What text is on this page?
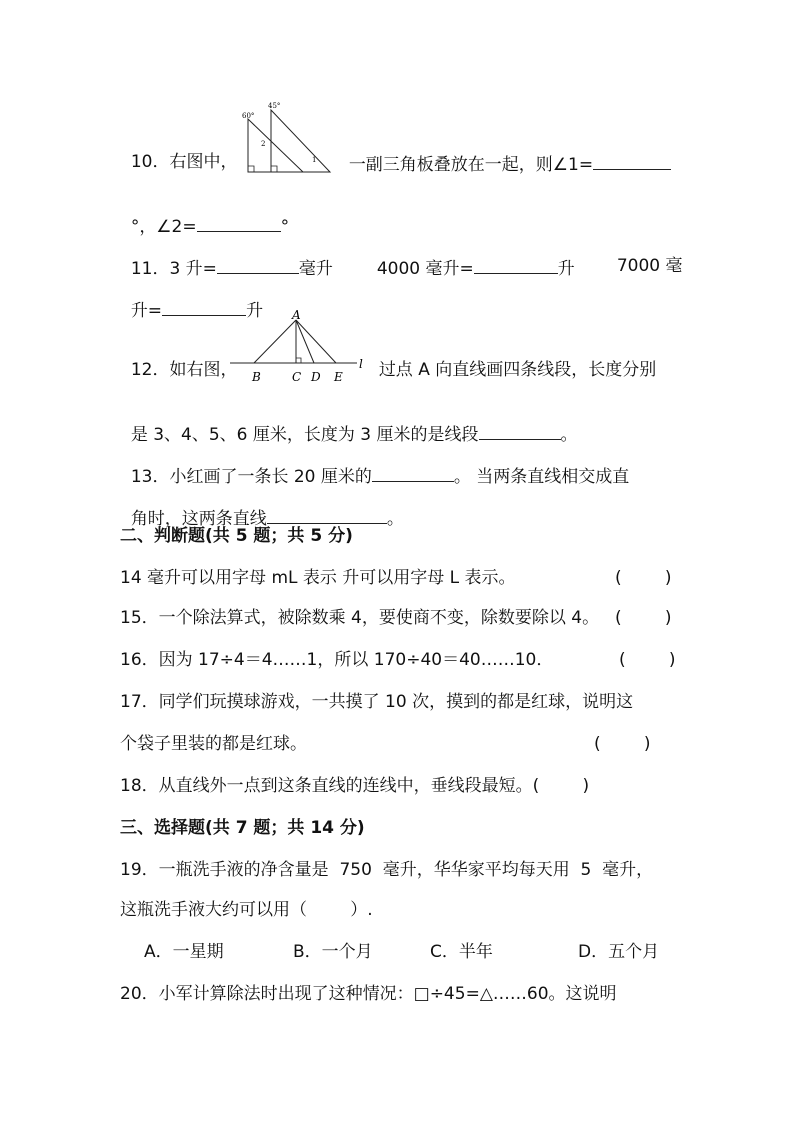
10．右图中，

60°
45°
2
1	一副三角板叠放在一起，则∠1=

°，∠2=	°

11．3 升=	毫升	4000 毫升=	升	7000 毫

升=	升

12．如右图，

A
B	C D E
l 过点 A 向直线画四条线段，长度分别

是 3、4、5、6 厘米，长度为 3 厘米的是线段	。

13．小红画了一条长 20 厘米的	。 当两条直线相交成直

角时，这两条直线	。

二、判断题(共 5 题；共 5 分)
14 毫升可以用字母 mL 表示 升可以用字母 L 表示。	(        )
15．一个除法算式，被除数乘 4，要使商不变，除数要除以 4。 (        )
16．因为 17÷4＝4……1，所以 170÷40＝40……10．	(        )
17．同学们玩摸球游戏，一共摸了 10 次，摸到的都是红球，说明这
个袋子里装的都是红球。	(        )
18．从直线外一点到这条直线的连线中，垂线段最短。(        )
三、选择题(共 7 题；共 14 分)
19．一瓶洗手液的净含量是  750  毫升，华华家平均每天用  5  毫升，
这瓶洗手液大约可以用（        ）.
A．一星期	B．一个月	C．半年	D．五个月
20．小军计算除法时出现了这种情况：□÷45=△……60。这说明
